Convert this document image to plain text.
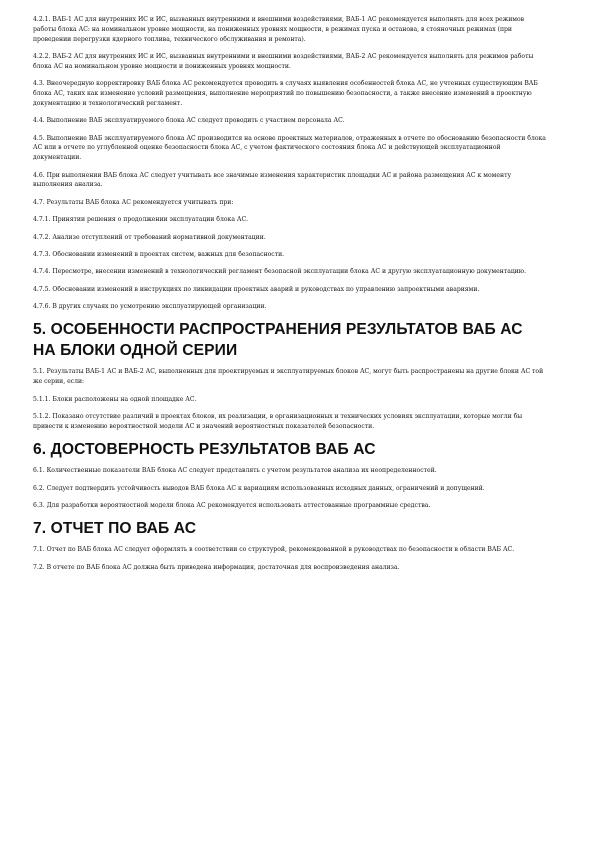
4.2.1. ВАБ-1 АС для внутренних ИС и ИС, вызванных внутренними и внешними воздействиями, ВАБ-1 АС рекомендуется выполнять для всех режимов работы блока АС: на номинальном уровне мощности, на пониженных уровнях мощности, в режимах пуска и останова, в стояночных режимах (при проведении перегрузки ядерного топлива, технического обслуживания и ремонта).

4.2.2. ВАБ-2 АС для внутренних ИС и ИС, вызванных внутренними и внешними воздействиями, ВАБ-2 АС рекомендуется выполнять для режимов работы блока АС на номинальном уровне мощности и пониженных уровнях мощности.

4.3. Внеочередную корректировку ВАБ блока АС рекомендуется проводить в случаях выявления особенностей блока АС, не учтенных существующим ВАБ блока АС, таких как изменение условий размещения, выполнение мероприятий по повышению безопасности, а также внесение изменений в проектную документацию и технологический регламент.

4.4. Выполнение ВАБ эксплуатируемого блока АС следует проводить с участием персонала АС.

4.5. Выполнение ВАБ эксплуатируемого блока АС производится на основе проектных материалов, отраженных в отчете по обоснованию безопасности блока АС или в отчете по углубленной оценке безопасности блока АС, с учетом фактического состояния блока АС и действующей эксплуатационной документации.

4.6. При выполнении ВАБ блока АС следует учитывать все значимые изменения характеристик площадки АС и района размещения АС к моменту выполнения анализа.

4.7. Результаты ВАБ блока АС рекомендуется учитывать при:

4.7.1. Принятии решения о продолжении эксплуатации блока АС.

4.7.2. Анализе отступлений от требований нормативной документации.

4.7.3. Обосновании изменений в проектах систем, важных для безопасности.

4.7.4. Пересмотре, внесении изменений в технологический регламент безопасной эксплуатации блока АС и другую эксплуатационную документацию.

4.7.5. Обосновании изменений в инструкциях по ликвидации проектных аварий и руководствах по управлению запроектными авариями.

4.7.6. В других случаях по усмотрению эксплуатирующей организации.

5. ОСОБЕННОСТИ РАСПРОСТРАНЕНИЯ РЕЗУЛЬТАТОВ ВАБ АС НА БЛОКИ ОДНОЙ СЕРИИ

5.1. Результаты ВАБ-1 АС и ВАБ-2 АС, выполненных для проектируемых и эксплуатируемых блоков АС, могут быть распространены на другие блоки АС той же серии, если:

5.1.1. Блоки расположены на одной площадке АС.

5.1.2. Показано отсутствие различий в проектах блоков, их реализации, в организационных и технических условиях эксплуатации, которые могли бы привести к изменению вероятностной модели АС и значений вероятностных показателей безопасности.

6. ДОСТОВЕРНОСТЬ РЕЗУЛЬТАТОВ ВАБ АС

6.1. Количественные показатели ВАБ блока АС следует представлять с учетом результатов анализа их неопределенностей.

6.2. Следует подтвердить устойчивость выводов ВАБ блока АС к вариациям использованных исходных данных, ограничений и допущений.

6.3. Для разработки вероятностной модели блока АС рекомендуется использовать аттестованные программные средства.

7. ОТЧЕТ ПО ВАБ АС

7.1. Отчет по ВАБ блока АС следует оформлять в соответствии со структурой, рекомендованной в руководствах по безопасности в области ВАБ АС.

7.2. В отчете по ВАБ блока АС должна быть приведена информация, достаточная для воспроизведения анализа.
